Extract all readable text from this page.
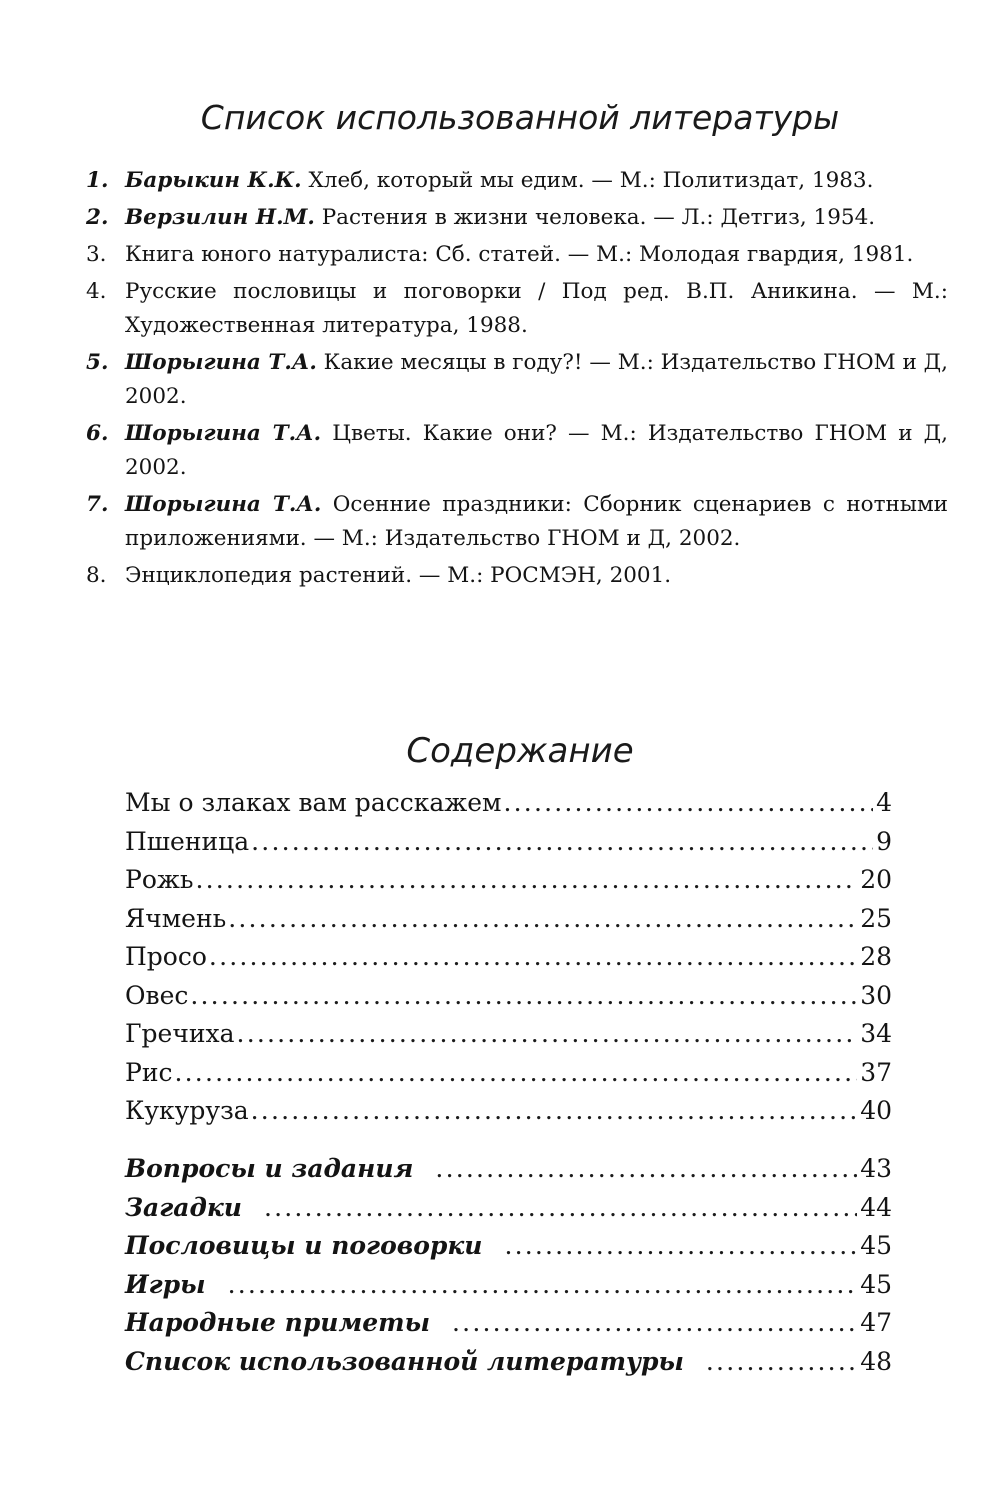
Список использованной литературы
1. Барыкин К.К. Хлеб, который мы едим. — М.: Политиздат, 1983.
2. Верзилин Н.М. Растения в жизни человека. — Л.: Детгиз, 1954.
3. Книга юного натуралиста: Сб. статей. — М.: Молодая гвардия, 1981.
4. Русские пословицы и поговорки / Под ред. В.П. Аникина. — М.: Художественная литература, 1988.
5. Шорыгина Т.А. Какие месяцы в году?! — М.: Издательство ГНОМ и Д, 2002.
6. Шорыгина Т.А. Цветы. Какие они? — М.: Издательство ГНОМ и Д, 2002.
7. Шорыгина Т.А. Осенние праздники: Сборник сценариев с нотными приложениями. — М.: Издательство ГНОМ и Д, 2002.
8. Энциклопедия растений. — М.: РОСМЭН, 2001.
Содержание
Мы о злаках вам расскажем .....	4
Пшеница .....	9
Рожь .....	20
Ячмень .....	25
Просо .....	28
Овес .....	30
Гречиха .....	34
Рис .....	37
Кукуруза .....	40
Вопросы и задания .....	43
Загадки .....	44
Пословицы и поговорки .....	45
Игры .....	45
Народные приметы .....	47
Список использованной литературы .....	48
